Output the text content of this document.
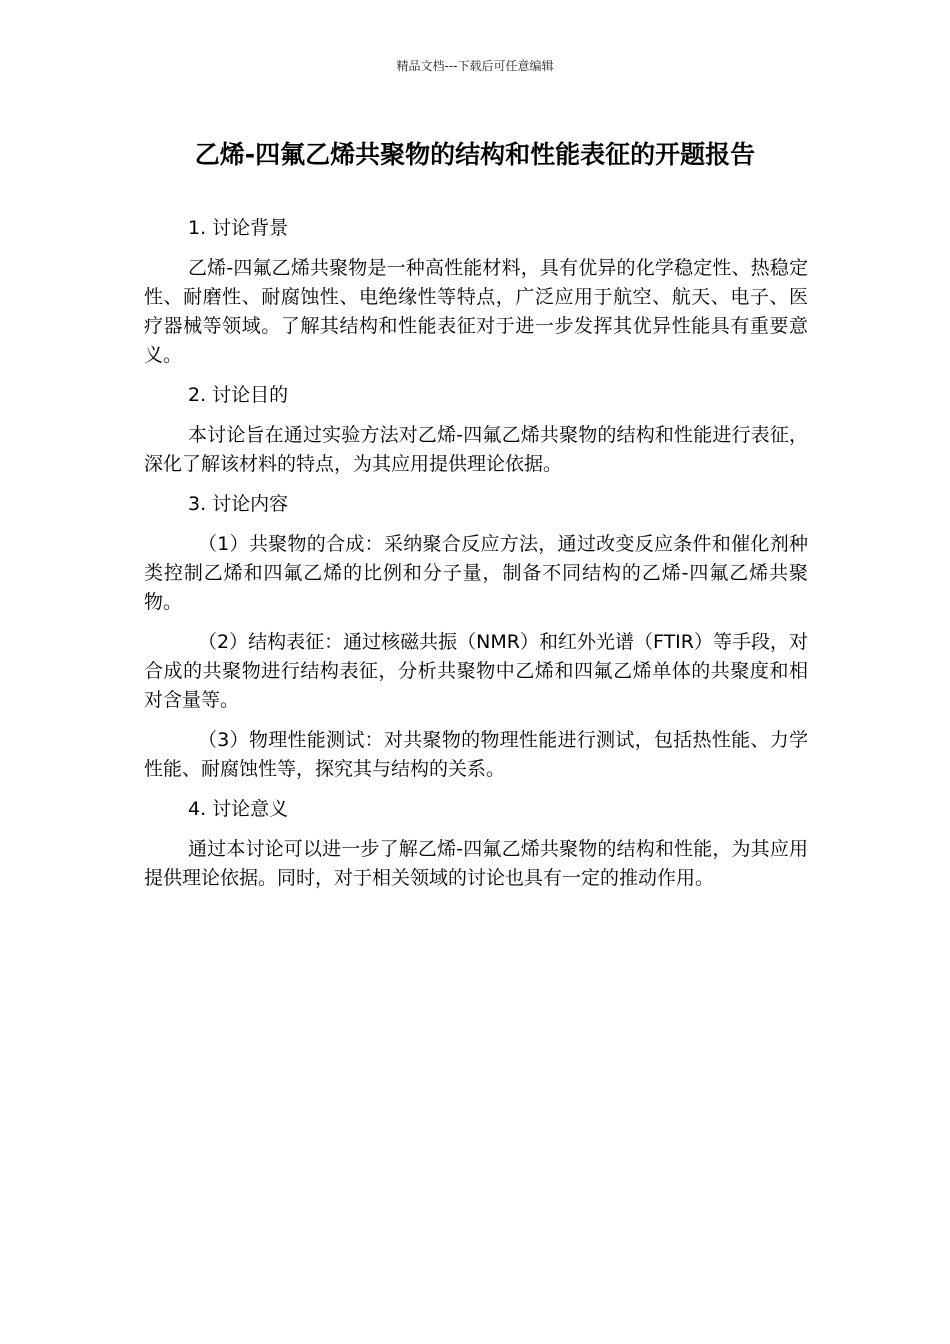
精品文档---下载后可任意编辑
乙烯-四氟乙烯共聚物的结构和性能表征的开题报告

1. 讨论背景

乙烯-四氟乙烯共聚物是一种高性能材料，具有优异的化学稳定性、热稳定性、耐磨性、耐腐蚀性、电绝缘性等特点，广泛应用于航空、航天、电子、医疗器械等领域。了解其结构和性能表征对于进一步发挥其优异性能具有重要意义。

2. 讨论目的

本讨论旨在通过实验方法对乙烯-四氟乙烯共聚物的结构和性能进行表征，深化了解该材料的特点，为其应用提供理论依据。

3. 讨论内容

（1）共聚物的合成：采纳聚合反应方法，通过改变反应条件和催化剂种类控制乙烯和四氟乙烯的比例和分子量，制备不同结构的乙烯-四氟乙烯共聚物。

（2）结构表征：通过核磁共振（NMR）和红外光谱（FTIR）等手段，对合成的共聚物进行结构表征，分析共聚物中乙烯和四氟乙烯单体的共聚度和相对含量等。

（3）物理性能测试：对共聚物的物理性能进行测试，包括热性能、力学性能、耐腐蚀性等，探究其与结构的关系。

4. 讨论意义

通过本讨论可以进一步了解乙烯-四氟乙烯共聚物的结构和性能，为其应用提供理论依据。同时，对于相关领域的讨论也具有一定的推动作用。
